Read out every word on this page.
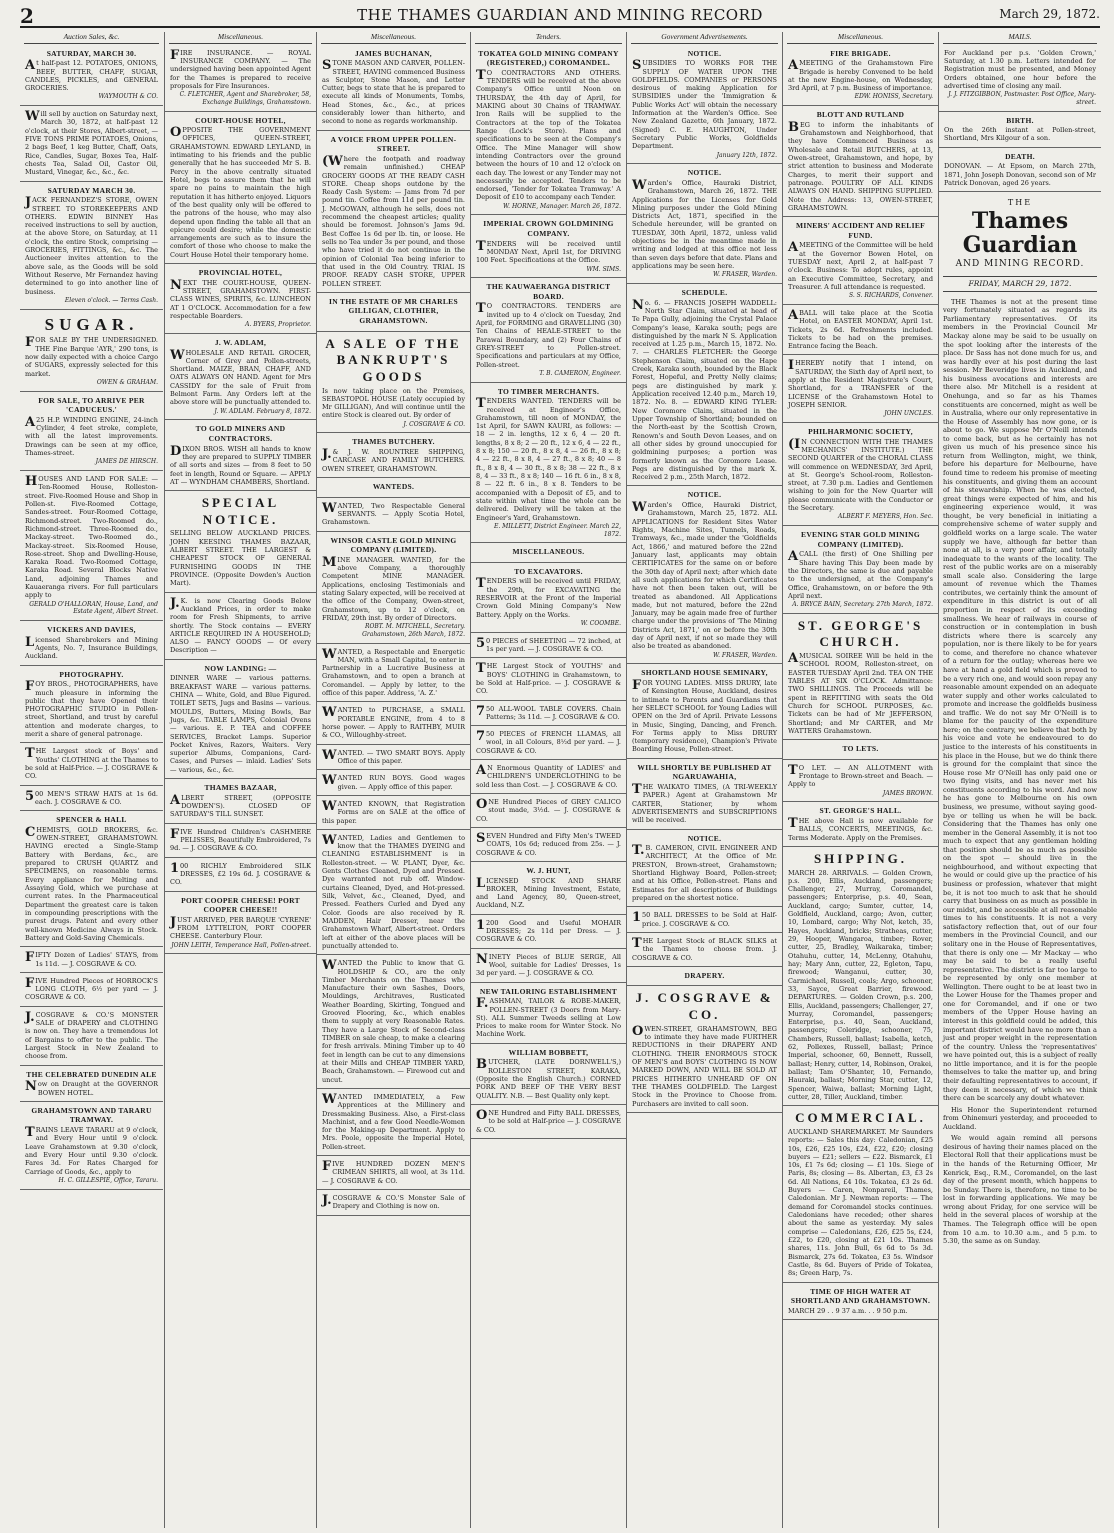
2	THE THAMES GUARDIAN AND MINING RECORD	March 29, 1872.
Auction Sales, &c.

SATURDAY, MARCH 30.

At half-past 12. POTATOES, ONIONS, BEEF, BUTTER, CHAFF, SUGAR, CANDLES, PICKLES, and GENERAL GROCERIES.

WAYMOUTH & CO.

Will sell by auction on Saturday next, March 30, 1872, at half-past 12 o'clock, at their Stores, Albert-street, — FIVE TONS PRIME POTATOES, Onions, 2 bags Beef, 1 keg Butter, Chaff, Oats, Rice, Candles, Sugar, Boxes Tea, Half-chests Tea, Salad Oil, Castor Oil, Mustard, Vinegar, &c., &c., &c.

SATURDAY MARCH 30.

JACK FERNANDEZ'S STORE, OWEN STREET. TO STOREKEEPERS AND OTHERS. EDWIN BINNEY Has received instructions to sell by auction, at the above Store, on Saturday, at 11 o'clock, the entire Stock, comprising — GROCERIES, FITTINGS, &c., &c. The Auctioneer invites attention to the above sale, as the Goods will be sold Without Reserve, Mr Fernandez having determined to go into another line of business.

Eleven o'clock. — Terms Cash.

SUGAR.

FOR SALE BY THE UNDERSIGNED. THE Fine Barque 'AYR,' 290 tons, is now daily expected with a choice Cargo of SUGARS, expressly selected for this market.

OWEN & GRAHAM.

FOR SALE, TO ARRIVE PER 'CADUCEUS.'

A25 H.P. WINDING ENGINE, 24-inch Cylinder, 4 feet stroke, complete, with all the latest improvements. Drawings can be seen at my office, Thames-street.

JAMES DE HIRSCH.

HOUSES AND LAND FOR SALE: — Ten-Roomed House, Rolleston-street. Five-Roomed House and Shop in Pollen-st. Five-Roomed Cottage, Sandes-street. Four-Roomed Cottage, Richmond-street. Two-Roomed do., Richmond-street. Three-Roomed do., Mackay-street. Two-Roomed do., Mackay-street. Six-Roomed House, Rose-street. Shop and Dwelling-House, Karaka Road. Two-Roomed Cottage, Karaka Road. Several Blocks Native Land, adjoining Thames and Kauaeranga rivers. For full particulars apply to

GERALD O'HALLORAN, House, Land, and Estate Agent, Albert Street.

VICKERS AND DAVIES,

Licensed Sharebrokers and Mining Agents, No. 7, Insurance Buildings, Auckland.

PHOTOGRAPHY.

FOY BROS., PHOTOGRAPHERS, have much pleasure in informing the public that they have Opened their PHOTOGRAPHIC STUDIO in Pollen-street, Shortland, and trust by careful attention and moderate charges, to merit a share of general patronage.

THE Largest stock of Boys' and Youths' CLOTHING at the Thames to be sold at Half-Price. — J. COSGRAVE & CO.

500 MEN'S STRAW HATS at 1s 6d. each. J. COSGRAVE & CO.

SPENCER & HALL

CHEMISTS, GOLD BROKERS, &c. OWEN-STREET, GRAHAMSTOWN. HAVING erected a Single-Stamp Battery with Berdans, &c., are prepared to CRUSH QUARTZ and SPECIMENS, on reasonable terms. Every appliance for Melting and Assaying Gold, which we purchase at current rates. In the Pharmaceutical Department the greatest care is taken in compounding prescriptions with the purest drugs. Patent and every other well-known Medicine Always in Stock. Battery and Gold-Saving Chemicals.

FIFTY Dozen of Ladies' STAYS, from 1s 11d. — J. COSGRAVE & CO.

FIVE Hundred Pieces of HORROCK'S LONG CLOTH, 6½ per yard — J. COSGRAVE & CO.

J.COSGRAVE & CO.'S MONSTER SALE of DRAPERY and CLOTHING is now on. They have a tremendous lot of Bargains to offer to the public. The Largest Stock in New Zealand to choose from.

THE CELEBRATED DUNEDIN ALE

Now on Draught at the GOVERNOR BOWEN HOTEL.

GRAHAMSTOWN AND TARARU TRAMWAY.

TRAINS LEAVE TARARU at 9 o'clock, and Every Hour until 9 o'clock. Leave Grahamstown at 9.30 o'clock, and Every Hour until 9.30 o'clock. Fares 3d. For Rates Charged for Carriage of Goods, &c., apply to

H. C. GILLESPIE, Office, Tararu.

Miscellaneous.

FIRE INSURANCE. — ROYAL INSURANCE COMPANY. — The undersigned having been appointed Agent for the Thames is prepared to receive proposals for Fire Insurances.

C. FLETCHER, Agent and Sharebroker, 58, Exchange Buildings, Grahamstown.

COURT-HOUSE HOTEL,

OPPOSITE THE GOVERNMENT OFFICES, QUEEN-STREET, GRAHAMSTOWN. EDWARD LEYLAND, in intimating to his friends and the public generally that he has succeeded Mr S. B. Percy in the above centrally situated Hotel, begs to assure them that he will spare no pains to maintain the high reputation it has hitherto enjoyed. Liquors of the best quality only will be offered to the patrons of the house, who may also depend upon finding the table all that an epicure could desire; while the domestic arrangements are such as to insure the comfort of those who choose to make the Court House Hotel their temporary home.

PROVINCIAL HOTEL,

NEXT THE COURT-HOUSE, QUEEN-STREET, GRAHAMSTOWN. FIRST-CLASS WINES, SPIRITS, &c. LUNCHEON AT 1 O'CLOCK. Accommodation for a few respectable Boarders.

A. BYERS, Proprietor.

J. W. ADLAM,

WHOLESALE AND RETAIL GROCER, Corner of Grey and Pollen-streets, Shortland. MAIZE, BRAN, CHAFF, AND OATS ALWAYS ON HAND. Agent for Mrs CASSIDY for the sale of Fruit from Belmont Farm. Any Orders left at the above store will be punctually attended to.

J. W. ADLAM. February 8, 1872.

TO GOLD MINERS AND CONTRACTORS.

DIXON BROS. WISH all hands to know they are prepared to SUPPLY TIMBER of all sorts and sizes — from 8 feet to 50 feet in length, Round or Square. — APPLY AT — WYNDHAM CHAMBERS, Shortland.

SPECIAL NOTICE.

SELLING BELOW AUCKLAND PRICES. JOHN KEESING THAMES BAZAAR, ALBERT STREET. THE LARGEST & CHEAPEST STOCK OF GENERAL FURNISHING GOODS IN THE PROVINCE. (Opposite Dowden's Auction Mart).

J.K. is now Clearing Goods Below Auckland Prices, in order to make room for Fresh Shipments, to arrive shortly. The Stock contains — EVERY ARTICLE REQUIRED IN A HOUSEHOLD; ALSO — FANCY GOODS — Of every Description —

NOW LANDING: —

DINNER WARE — various patterns. BREAKFAST WARE — various patterns. CHINA — White, Gold, and Blue Figured. TOILET SETS, Jugs and Basins — various. MOULDS, Butters, Mixing Bowls, Bar Jugs, &c. TABLE LAMPS, Colonial Ovens — various. E. P. TEA and COFFEE SERVICES, Bracket Lamps. Superior Pocket Knives, Razors, Waiters. Very superior Albums, Companions, Card-Cases, and Purses — inlaid. Ladies' Sets — various, &c., &c.

THAMES BAZAAR,

ALBERT STREET, (OPPOSITE DOWDEN'S). CLOSED OF SATURDAY'S TILL SUNSET.

FIVE Hundred Children's CASHMERE PELISSES, Beautifully Embroidered, 7s 9d. — J. COSGRAVE & CO.

100 RICHLY Embroidered SILK DRESSES, £2 19s 6d. J. COSGRAVE & CO.

PORT COOPER CHEESE! PORT COOPER CHEESE!!

JUST ARRIVED, PER BARQUE 'CYRENE' FROM LYTTELTON, PORT COOPER CHEESE. Canterbury Flour.

JOHN LEITH, Temperance Hall, Pollen-street.

Miscellaneous.

JAMES BUCHANAN,

STONE MASON AND CARVER, POLLEN-STREET, HAVING commenced Business as Sculptor, Stone Mason, and Letter Cutter, begs to state that he is prepared to execute all kinds of Monuments, Tombs, Head Stones, &c., &c., at prices considerably lower than hitherto, and second to none as regards workmanship.

A VOICE FROM UPPER POLLEN-STREET.

(Where the footpath and roadway remain unfinished.) CHEAP GROCERY GOODS AT THE READY CASH STORE. Cheap shops outdone by the Ready Cash System: — Jams from 7d per pound tin. Coffee from 11d per pound tin. J. McGOWAN, although he sells, does not recommend the cheapest articles; quality should be foremost. Johnson's Jams 9d. Best Coffee 1s 6d per lb. tin, or loose. He sells no Tea under 3s per pound, and those who have tried it do not continue in the opinion of Colonial Tea being inferior to that used in the Old Country. TRIAL IS PROOF. READY CASH STORE, UPPER POLLEN STREET.

IN THE ESTATE OF MR CHARLES GILLIGAN, CLOTHIER, GRAHAMSTOWN.

A SALE OF THE BANKRUPT'S GOODS

Is now taking place on the Premises, SEBASTOPOL HOUSE (Lately occupied by Mr GILLIGAN), And will continue until the entire Stock is cleared out. By order of

J. COSGRAVE & CO.

THAMES BUTCHERY.

J.& J. W. ROUNTREE SHIPPING, CARCASE AND FAMILY BUTCHERS. OWEN STREET, GRAHAMSTOWN.

WANTEDS.

WANTED, Two Respectable General SERVANTS. — Apply Scotia Hotel, Grahamstown.

WINSOR CASTLE GOLD MINING COMPANY (LIMITED).

MINE MANAGER. WANTED, for the above Company, a thoroughly Competent MINE MANAGER. Applications, enclosing Testimonials and stating Salary expected, will be received at the office of the Company, Owen-street, Grahamstown, up to 12 o'clock, on FRIDAY, 29th inst. By order of Directors.

ROBT. M. MITCHELL, Secretary. Grahamstown, 26th March, 1872.

WANTED, a Respectable and Energetic MAN, with a Small Capital, to enter in Partnership in a Lucrative Business at Grahamstown, and to open a branch at Coromandel. — Apply by letter, to the office of this paper. Address, 'A. Z.'

WANTED to PURCHASE, a SMALL PORTABLE ENGINE, from 4 to 8 horse power. — Apply to RAITHBY, MUIR & CO., Willoughby-street.

WANTED. — TWO SMART BOYS. Apply Office of this paper.

WANTED RUN BOYS. Good wages given. — Apply office of this paper.

WANTED KNOWN, that Registration Forms are on SALE at the office of this paper.

WANTED, Ladies and Gentlemen to know that the THAMES DYEING and CLEANING ESTABLISHMENT is in Rolleston-street. — W. PLANT, Dyer, &c. Gents Clothes Cleaned, Dyed and Pressed. Dye warranted not rub off. Window-curtains Cleaned, Dyed, and Hot-pressed. Silk, Velvet, &c., Cleaned, Dyed, and Pressed. Feathers Curled and Dyed any Color. Goods are also received by R. MADDEN, Hair Dresser, near the Grahamstown Wharf, Albert-street. Orders left at either of the above places will be punctually attended to.

WANTED the Public to know that G. HOLDSHIP & CO., are the only Timber Merchants on the Thames who Manufacture their own Sashes, Doors, Mouldings, Architraves, Rusticated Weather Boarding, Skirting, Tongued and Grooved Flooring, &c., which enables them to supply at very Reasonable Rates. They have a Large Stock of Second-class TIMBER on sale cheap, to make a clearing for fresh arrivals. Mining Timber up to 40 feet in length can be cut to any dimensions at their Mills and CHEAP TIMBER YARD, Beach, Grahamstown. — Firewood cut and uncut.

WANTED IMMEDIATELY, a Few Apprentices at the Millinery and Dressmaking Business. Also, a First-class Machinist, and a few Good Needle-Women for the Making-up Department. Apply to Mrs. Poole, opposite the Imperial Hotel, Pollen-street.

FIVE HUNDRED DOZEN MEN'S CRIMEAN SHIRTS, all wool, at 3s 11d. — J. COSGRAVE & CO.

J.COSGRAVE & CO.'S Monster Sale of Drapery and Clothing is now on.

Tenders.

TOKATEA GOLD MINING COMPANY (REGISTERED,) COROMANDEL.

TO CONTRACTORS AND OTHERS. TENDERS will be received at the above Company's Office until Noon on THURSDAY, the 4th day of April, for MAKING about 30 Chains of TRAMWAY. Iron Rails will be supplied to the Contractors at the top of the Tokatea Range (Lock's Store). Plans and specifications to be seen at the Company's Office. The Mine Manager will show intending Contractors over the ground between the hours of 10 and 12 o'clock on each day. The lowest or any Tender may not necessarily be accepted. Tenders to be endorsed, 'Tender for Tokatea Tramway.' A Deposit of £10 to accompany each Tender.

W. HORNE, Manager. March 26, 1872.

IMPERIAL CROWN GOLDMINING COMPANY.

TENDERS will be received until MONDAY Next, April 1st, for DRIVING 100 Feet. Specifications at the Office.

WM. SIMS.

THE KAUWAERANGA DISTRICT BOARD.

TO CONTRACTORS. TENDERS are invited up to 4 o'clock on Tuesday, 2nd April, for FORMING and GRAVELLING (30) Ten Chains of HEALE-STREET to the Parawai Boundary, and (2) Four Chains of GREY-STREET to Pollen-street. Specifications and particulars at my Office, Pollen-street.

T. B. CAMERON, Engineer.

TO TIMBER MERCHANTS.

TENDERS WANTED. TENDERS will be received at Engineer's Office, Grahamstown, till noon of MONDAY, the 1st April, for SAWN KAURI, as follows: — 18 — 2 in. lengths, 12 x 6, 4 — 20 ft. lengths, 8 x 8; 2 — 20 ft., 12 x 6, 4 — 22 ft., 8 x 8; 150 — 20 ft., 8 x 8, 4 — 26 ft., 8 x 8; 4 — 22 ft., 8 x 8, 4 — 27 ft., 8 x 8; 40 — 8 ft., 8 x 8, 4 — 30 ft., 8 x 8; 38 — 22 ft., 8 x 8, 4 — 33 ft., 8 x 8; 140 — 16 ft. 6 in., 8 x 8, 8 — 22 ft. 6 in., 8 x 8. Tenders to be accompanied with a Deposit of £5, and to state within what time the whole can be delivered. Delivery will be taken at the Engineer's Yard, Grahamstown.

E. MILLETT, District Engineer. March 22, 1872.

MISCELLANEOUS.

TO EXCAVATORS.

TENDERS will be received until FRIDAY, the 29th, for EXCAVATING the RESERVOIR at the Front of the Imperial Crown Gold Mining Company's New Battery. Apply on the Works.

W. COOMBE.

50 PIECES of SHEETING — 72 inched, at 1s per yard. — J. COSGRAVE & CO.

THE Largest Stock of YOUTHS' and BOYS' CLOTHING in Grahamstown, to be Sold at Half-price. — J. COSGRAVE & CO.

750 ALL-WOOL TABLE COVERS. Chain Patterns; 3s 11d. — J. COSGRAVE & CO.

750 PIECES of FRENCH LLAMAS, all wool, in all Colours, 8½d per yard. — J. COSGRAVE & CO.

AN Enormous Quantity of LADIES' and CHILDREN'S UNDERCLOTHING to be sold less than Cost. — J. COSGRAVE & CO.

ONE Hundred Pieces of GREY CALICO stout made, 3½d. — J. COSGRAVE & CO.

SEVEN Hundred and Fifty Men's TWEED COATS, 10s 6d; reduced from 25s. — J. COSGRAVE & CO.

W. J. HUNT,

LICENSED STOCK AND SHARE BROKER, Mining Investment, Estate, and Land Agency, 80, Queen-street, Auckland, N.Z.

1200 Good and Useful MOHAIR DRESSES; 2s 11d per Dress. — J. COSGRAVE & CO.

NINETY Pieces of BLUE SERGE, All Wool, suitable for Ladies' Dresses, 1s 3d per yard. — J. COSGRAVE & CO.

NEW TAILORING ESTABLISHMENT

F.ASHMAN, TAILOR & ROBE-MAKER, POLLEN-STREET (3 Doors from Mary-St). ALL Summer Tweeds selling at Low Prices to make room for Winter Stock. No Machine Work.

WILLIAM BOBBETT,

BUTCHER, (LATE DORNWELL'S,) ROLLESTON STREET, KARAKA, (Opposite the English Church.) CORNED PORK AND BEEF OF THE VERY BEST QUALITY. N.B. — Best Quality only kept.

ONE Hundred and Fifty BALL DRESSES, to be sold at Half-price — J. COSGRAVE & CO.

Government Advertisements.

NOTICE.

SUBSIDIES TO WORKS FOR THE SUPPLY OF WATER UPON THE GOLDFIELDS. COMPANIES or PERSONS desirous of making Application for SUBSIDIES under the 'Immigration & Public Works Act' will obtain the necessary Information at the Warden's Office. See New Zealand Gazette, 6th January, 1872. (Signed) C. E. HAUGHTON, Under Secretary Public Works, Goldfields Department.

January 12th, 1872.

NOTICE.

Warden's Office, Hauraki District, Grahamstown, March 26, 1872. THE Applications for the Licenses for Gold Mining purposes under the Gold Mining Districts Act, 1871, specified in the Schedule hereunder, will be granted on TUESDAY, 30th April, 1872, unless valid objections be in the meantime made in writing and lodged at this office not less than seven days before that date. Plans and applications may be seen here.

W. FRASER, Warden.

SCHEDULE.

No. 6. — FRANCIS JOSEPH WADDELL: North Star Claim, situated at head of Te Papa Gully, adjoining the Crystal Palace Company's lease, Karaka south; pegs are distinguished by the mark N S. Application received at 1.25 p.m., March 15, 1872. No. 7. — CHARLES FLETCHER: the George Stephenson Claim, situated on the Hape Creek, Karaka south, bounded by the Black Forest, Hopeful, and Pretty Nelly claims; pegs are distinguished by mark y. Application received 12.40 p.m., March 19, 1872. No. 8. — EDWARD KING TYLER: New Coromore Claim, situated in the Upper Township of Shortland; bounded on the North-east by the Scottish Crown, Renown's and South Devon Leases, and on all other sides by ground unoccupied for goldmining purposes; a portion was formerly known as the Coromore Lease. Pegs are distinguished by the mark X. Received 2 p.m., 25th March, 1872.

NOTICE.

Warden's Office, Hauraki District, Grahamstown, March 25, 1872. ALL APPLICATIONS for Resident Sites Water Rights, Machine Sites, Tunnels, Roads, Tramways, &c., made under the 'Goldfields Act, 1866,' and matured before the 22nd January last, applicants may obtain CERTIFICATES for the same on or before the 30th day of April next; after which date all such applications for which Certificates have not then been taken out, will be treated as abandoned. All Applications made, but not matured, before the 22nd January, may be again made free of further charge under the provisions of 'The Mining Districts Act, 1871,' on or before the 30th day of April next, if not so made they will also be treated as abandoned.

W. FRASER, Warden.

SHORTLAND HOUSE SEMINARY,

FOR YOUNG LADIES. MISS DRURY, late of Kensington House, Auckland, desires to intimate to Parents and Guardians that her SELECT SCHOOL for Young Ladies will OPEN on the 3rd of April. Private Lessons in Music, Singing, Dancing, and French. For Terms apply to Miss DRURY (temporary residence), Champion's Private Boarding House, Pollen-street.

WILL SHORTLY BE PUBLISHED AT NGARUAWAHIA,

THE WAIKATO TIMES, (A TRI-WEEKLY PAPER.) Agent at Grahamstown Mr CARTER, Stationer, by whom ADVERTISEMENTS and SUBSCRIPTIONS will be received.

NOTICE.

T.B. CAMERON, CIVIL ENGINEER AND ARCHITECT, At the Office of Mr. PRESTON, Brown-street, Grahamstown; Shortland Highway Board, Pollen-street; and at his Office, Pollen-street. Plans and Estimates for all descriptions of Buildings prepared on the shortest notice.

150 BALL DRESSES to be Sold at Half-price. J. COSGRAVE & CO.

THE Largest Stock of BLACK SILKS at the Thames to choose from. J. COSGRAVE & CO.

DRAPERY.

J. COSGRAVE & CO.

OWEN-STREET, GRAHAMSTOWN, BEG to intimate they have made FURTHER REDUCTIONS in their DRAPERY AND CLOTHING. THEIR ENORMOUS STOCK OF MEN'S and BOYS' CLOTHING IS NOW MARKED DOWN, AND WILL BE SOLD AT PRICES HITHERTO UNHEARD OF ON THE THAMES GOLDFIELD. The Largest Stock in the Province to Choose from. Purchasers are invited to call soon.

Miscellaneous.

FIRE BRIGADE.

AMEETING of the Grahamstown Fire Brigade is hereby Convened to be held at the new Engine-house, on Wednesday, 3rd April, at 7 p.m. Business of importance.

EDW. HONISS, Secretary.

BLOTT AND RUTLAND

BEG to inform the inhabitants of Grahamstown and Neighborhood, that they have Commenced Business as Wholesale and Retail BUTCHERS, at 13, Owen-street, Grahamstown, and hope, by strict attention to business and Moderate Charges, to merit their support and patronage. POULTRY OF ALL KINDS ALWAYS ON HAND. SHIPPING SUPPLIED. Note the Address: 13, OWEN-STREET, GRAHAMSTOWN.

MINERS' ACCIDENT AND RELIEF FUND.

AMEETING of the Committee will be held at the Governor Bowen Hotel, on TUESDAY next, April 2, at half-past 7 o'clock. Business: To adopt rules, appoint an Executive Committee, Secretary, and Treasurer. A full attendance is requested.

S. S. RICHARDS, Convener.

ABALL will take place at the Scotia Hotel, on EASTER MONDAY, April 1st. Tickets, 2s 6d. Refreshments included. Tickets to be had on the premises. Entrance facing the Beach.

IHEREBY notify that I intend, on SATURDAY, the Sixth day of April next, to apply at the Resident Magistrate's Court, Shortland, for a TRANSFER of the LICENSE of the Grahamstown Hotel to JOSEPH SENIOR.

JOHN UNCLES.

PHILHARMONIC SOCIETY,

(IN CONNECTION WITH THE THAMES MECHANICS' INSTITUTE.) THE SECOND QUARTER of the CHORAL CLASS will commence on WEDNESDAY, 3rd April, at St. George's School-room, Rolleston-street, at 7.30 p.m. Ladies and Gentlemen wishing to join for the New Quarter will please communicate with the Conductor or the Secretary.

ALBERT F. MEYERS, Hon. Sec.

EVENING STAR GOLD MINING COMPANY (LIMITED).

ACALL (the first) of One Shilling per Share having This Day been made by the Directors, the same is due and payable to the undersigned, at the Company's Office, Grahamstown, on or before the 9th April next.

A. BRYCE BAIN, Secretary. 27th March, 1872.

ST. GEORGE'S CHURCH.

AMUSICAL SOIREE Will be held in the SCHOOL ROOM, Rolleston-street, on EASTER TUESDAY April 2nd. TEA ON THE TABLES AT SIX O'CLOCK. Admittance: TWO SHILLINGS. The Proceeds will be spent in REFITTING with seats the Old Church for SCHOOL PURPOSES, &c. Tickets can be had of Mr JEFFERSON, Shortland; and Mr CARTER, and Mr WATTERS Grahamstown.

TO LETS.

TO LET. — AN ALLOTMENT with Frontage to Brown-street and Beach. — Apply to

JAMES BROWN.

ST. GEORGE'S HALL.

THE above Hall is now available for BALLS, CONCERTS, MEETINGS, &c. Terms Moderate. Apply on the Premises.

SHIPPING.

MARCH 28. ARRIVALS. — Golden Crown, p.s. 200, Ellis, Auckland, passengers; Challenger, 27, Murray, Coromandel, passengers; Enterprise, p.s. 40, Sean, Auckland, cargo; Sumter, cutter, 14, Goldfield, Auckland, cargo; Avon, cutter, 10, Lombard, cargo; Why Not, ketch, 35, Hayes, Auckland, bricks; Stratheas, cutter, 29, Hooper, Wangaroa, timber; Rover, cutter, 25, Bradley, Waikaraka, timber; Otahuhu, cutter, 14, McLenny, Otahuhu, hay; Mary Ann, cutter, 22, Egleton, Tapu, firewood; Wanganui, cutter, 30, Carmichael, Russell, coals; Argo, schooner, 33, Sayce, Great Barrier, firewood. DEPARTURES. — Golden Crown, p.s. 200, Ellis, Auckland, passengers; Challenger, 27, Murray, Coromandel, passengers; Enterprise, p.s. 40, Sean, Auckland, passengers; Coleridge, schooner, 75, Chambers, Russell, ballast; Isabella, ketch, 62, Pollexes, Russell, ballast; Prince Imperial, schooner, 60, Bennett, Russell, ballast; Henry, cutter, 14, Robinson, Orakei, ballast; Tam O'Shanter, 10, Fernando, Hauraki, ballast; Morning Star, cutter, 12, Spencer, Waiwa, ballast; Morning Light, cutter, 28, Tiller, Auckland, timber.

COMMERCIAL.

AUCKLAND SHAREMARKET. Mr Saunders reports: — Sales this day: Caledonian, £25 10s, £26, £25 10s, £24, £22, £20; closing buyers — £21; sellers — £22. Bismarck, £1 10s, £1 7s 6d; closing — £1 10s. Siege of Paris, 8s; closing — 8s. Albertan, £3, £3 2s 6d. All Nations, £4 10s. Tokatea, £3 2s 6d. Buyers — Caren, Nonpareil, Thames, Caledonian. Mr J. Newman reports: — The demand for Coromandel stocks continues. Caledonians have receded; other shares about the same as yesterday. My sales comprise — Caledonians, £26, £25 5s, £24, £22, to £20, closing at £21 10s. Thames shares, 11s. John Bull, 6s 6d to 5s 3d. Bismarck, 27s 6d. Tokatea, £3 5s. Windsor Castle, 8s 6d. Buyers of Pride of Tokatea, 8s; Green Harp, 7s.

TIME OF HIGH WATER AT SHORTLAND AND GRAHAMSTOWN.

MARCH 29 . . 9 37 a.m. . . 9 50 p.m.

MAILS.

For Auckland per p.s. 'Golden Crown,' Saturday, at 1.30 p.m. Letters intended for Registration must be presented, and Money Orders obtained, one hour before the advertised time of closing any mail.

J. J. FITZGIBBON, Postmaster. Post Office, Mary-street.

BIRTH.

On the 26th instant at Pollen-street, Shortland, Mrs Kilgour of a son.

DEATH.

DONOVAN. — At Epsom, on March 27th, 1871, John Joseph Donovan, second son of Mr Patrick Donovan, aged 26 years.

THE
Thames Guardian
AND MINING RECORD.
FRIDAY, MARCH 29, 1872.

THE Thames is not at the present time very fortunately situated as regards its Parliamentary representatives. Of its members in the Provincial Council Mr Mackay alone may be said to be usually on the spot looking after the interests of the place. Dr Sass has not done much for us, and was hardly ever at his post during the last session. Mr Beveridge lives in Auckland, and his business avocations and interests are there also. Mr Mitchell is a resident at Onehunga, and so far as his Thames constituents are concerned, might as well be in Australia, where our only representative in the House of Assembly has now gone, or is about to go. We suppose Mr O'Neill intends to come back, but as he certainly has not given us much of his presence since his return from Wellington, might, we think, before his departure for Melbourne, have found time to redeem his promise of meeting his constituents, and giving them an account of his stewardship. When he was elected, great things were expected of him, and his engineering experience would, it was thought, be very beneficial in initiating a comprehensive scheme of water supply and goldfield works on a large scale. The water supply we have, although far better than none at all, is a very poor affair, and totally inadequate to the wants of the locality. The rest of the public works are on a miserably small scale also. Considering the large amount of revenue which the Thames contributes, we certainly think the amount of expenditure in this district is out of all proportion in respect of its exceeding smallness. We hear of railways in course of construction or in contemplation in bush districts where there is scarcely any population, nor is there likely to be for years to come, and therefore no chance whatever of a return for the outlay; whereas here we have at hand a gold field which is proved to be a very rich one, and would soon repay any reasonable amount expended on an adequate water supply and other works calculated to promote and increase the goldfields business and traffic. We do not say Mr O'Neill is to blame for the paucity of the expenditure here; on the contrary, we believe that both by his voice and vote he endeavoured to do justice to the interests of his constituents in his place in the House, but we do think there is ground for the complaint that since the House rose Mr O'Neill has only paid one or two flying visits, and has never met his constituents according to his word. And now he has gone to Melbourne on his own business, we presume, without saying good-bye or telling us when he will be back. Considering that the Thames has only one member in the General Assembly, it is not too much to expect that any gentleman holding that position should be as much as possible on the spot — should live in the neighbourhood, and without expecting that he would or could give up the practice of his business or profession, whatever that might be, it is not too much to ask that he should carry that business on as much as possible in our midst, and be accessible at all reasonable times to his constituents. It is not a very satisfactory reflection that, out of our four members in the Provincial Council, and our solitary one in the House of Representatives, that there is only one — Mr Mackay — who may be said to be a really useful representative. The district is far too large to be represented by only one member at Wellington. There ought to be at least two in the Lower House for the Thames proper and one for Coromandel, and if one or two members of the Upper House having an interest in this goldfield could be added, this important district would have no more than a just and proper weight in the representation of the country. Unless the 'representatives' we have pointed out, this is a subject of really no little importance, and it is for the people themselves to take the matter up, and bring their defaulting representatives to account, if they deem it necessary, of which we think there can be scarcely any doubt whatever.

His Honor the Superintendent returned from Ohinemuri yesterday, and proceeded to Auckland.

We would again remind all persons desirous of having their names placed on the Electoral Roll that their applications must be in the hands of the Returning Officer, Mr Kenrick, Esq., R.M., Coromandel, on the last day of the present month, which happens to be Sunday. There is, therefore, no time to be lost in forwarding applications. We may be wrong about Friday, for one service will be held in the several places of worship at the Thames. The Telegraph office will be open from 10 a.m. to 10.30 a.m., and 5 p.m. to 5.30, the same as on Sunday.
